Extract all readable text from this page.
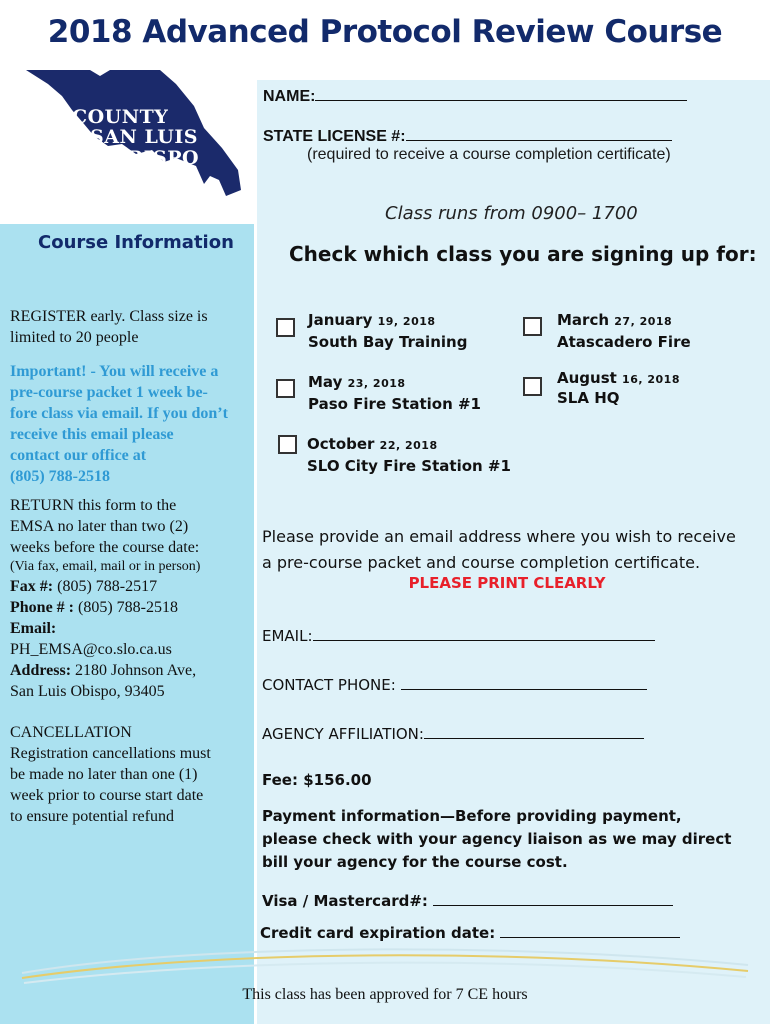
2018 Advanced Protocol Review Course
COUNTY
of SAN LUIS
OBISPO
NAME:
STATE LICENSE #:
(required to receive a course completion certificate)
Class runs from 0900– 1700
Check which class you are signing up for:
January 19, 2018
South Bay Training
March 27, 2018
Atascadero Fire
May 23, 2018
Paso Fire Station #1
August 16, 2018
SLA HQ
October 22, 2018
SLO City Fire Station #1
Course Information
REGISTER early. Class size is
limited to 20 people
Important! - You will receive a
pre-course packet 1 week be-
fore class via email. If you don’t
receive this email please
contact our office at
(805) 788-2518
RETURN this form to the
EMSA no later than two (2)
weeks before the course date:
(Via fax, email, mail or in person)
Fax #: (805) 788-2517
Phone # : (805) 788-2518
Email:
PH_EMSA@co.slo.ca.us
Address: 2180 Johnson Ave,
San Luis Obispo, 93405
CANCELLATION
Registration cancellations must
be made no later than one (1)
week prior to course start date
to ensure potential refund
Please provide an email address where you wish to receive
a pre-course packet and course completion certificate.
PLEASE PRINT CLEARLY
EMAIL:
CONTACT PHONE:
AGENCY AFFILIATION:
Fee: $156.00
Payment information—Before providing payment,
please check with your agency liaison as we may direct
bill your agency for the course cost.
Visa / Mastercard#:
Credit card expiration date:
This class has been approved for 7 CE hours
